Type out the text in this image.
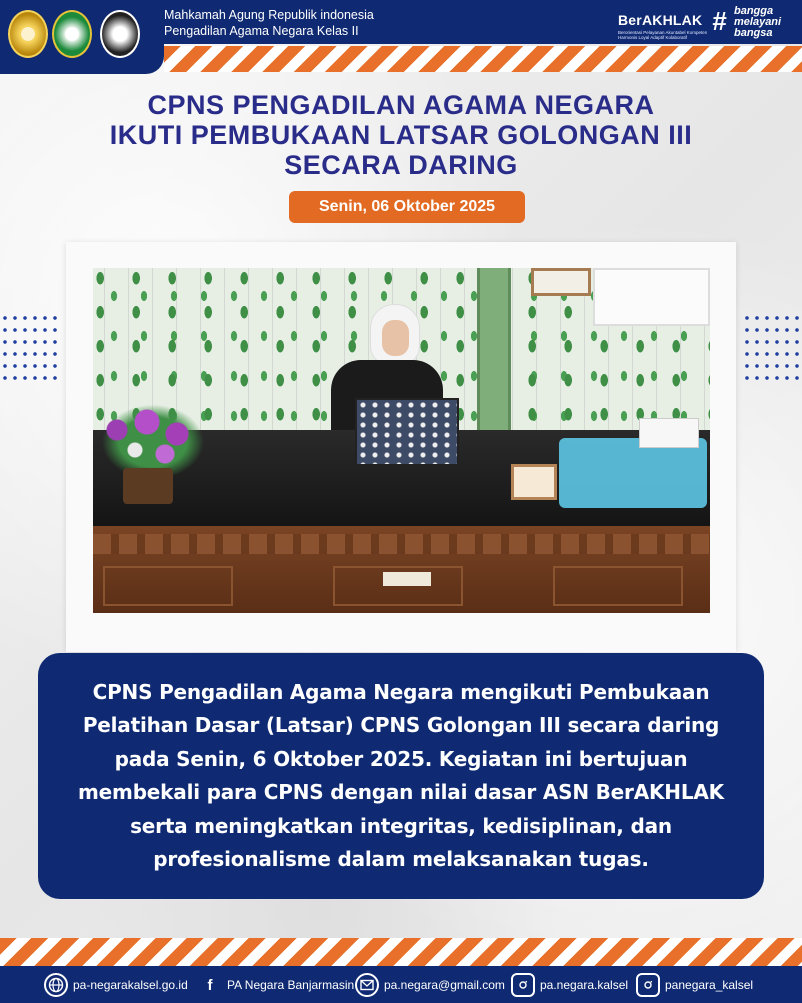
Mahkamah Agung Republik indonesia
Pengadilan Agama Negara Kelas II
BerAKHLAK
Berorientasi Pelayanan Akuntabel Kompeten Harmonis Loyal Adaptif Kolaboratif
# bangga
melayani
bangsa
CPNS PENGADILAN AGAMA NEGARA
IKUTI PEMBUKAAN LATSAR GOLONGAN III
SECARA DARING
Senin, 06 Oktober 2025
CPNS Pengadilan Agama Negara mengikuti Pembukaan Pelatihan Dasar (Latsar) CPNS Golongan III secara daring pada Senin, 6 Oktober 2025. Kegiatan ini bertujuan membekali para CPNS dengan nilai dasar ASN BerAKHLAK serta meningkatkan integritas, kedisiplinan, dan profesionalisme dalam melaksanakan tugas.
pa-negarakalsel.go.id	f	PA Negara Banjarmasin pa.negara@gmail.com	pa.negara.kalsel	panegara_kalsel
